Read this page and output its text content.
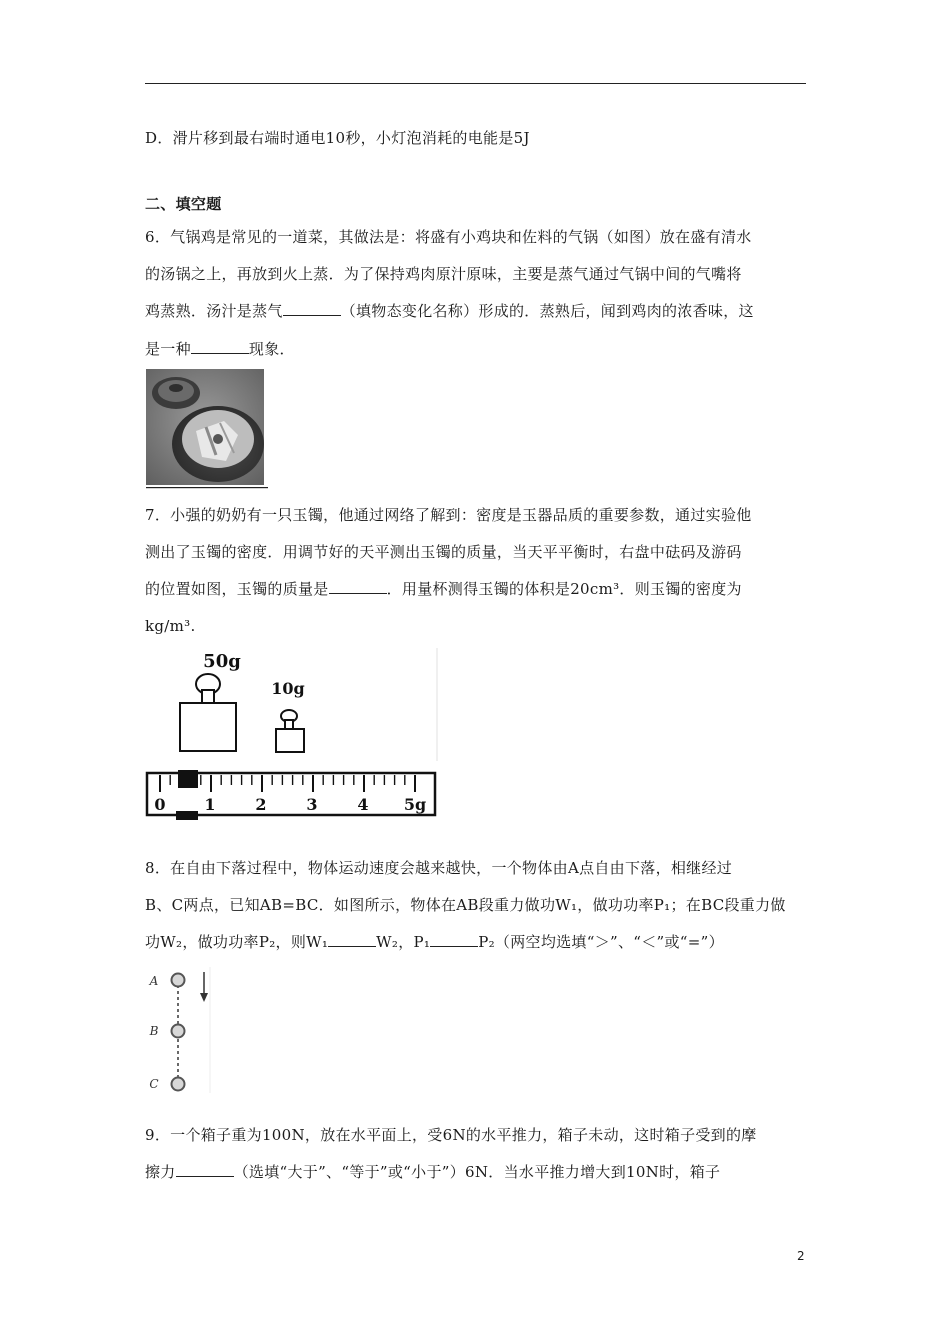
D．滑片移到最右端时通电10秒，小灯泡消耗的电能是5J
二、填空题
6．气锅鸡是常见的一道菜，其做法是：将盛有小鸡块和佐料的气锅（如图）放在盛有清水
的汤锅之上，再放到火上蒸．为了保持鸡肉原汁原味，主要是蒸气通过气锅中间的气嘴将
鸡蒸熟．汤汁是蒸气	（填物态变化名称）形成的．蒸熟后，闻到鸡肉的浓香味，这
是一种	现象．
7．小强的奶奶有一只玉镯，他通过网络了解到：密度是玉器品质的重要参数，通过实验他
测出了玉镯的密度．用调节好的天平测出玉镯的质量，当天平平衡时，右盘中砝码及游码
的位置如图，玉镯的质量是	．用量杯测得玉镯的体积是20cm³．则玉镯的密度为
kg/m³.
50g
10g
0 1 2 3 4 5g
8．在自由下落过程中，物体运动速度会越来越快，一个物体由A点自由下落，相继经过
B、C两点，已知AB=BC．如图所示，物体在AB段重力做功W₁，做功功率P₁；在BC段重力做
功W₂，做功功率P₂，则W₁	W₂，P₁	P₂（两空均选填“＞”、“＜”或“=”）
A
B
C
9．一个箱子重为100N，放在水平面上，受6N的水平推力，箱子未动，这时箱子受到的摩
擦力	（选填“大于”、“等于”或“小于”）6N．当水平推力增大到10N时，箱子
2
